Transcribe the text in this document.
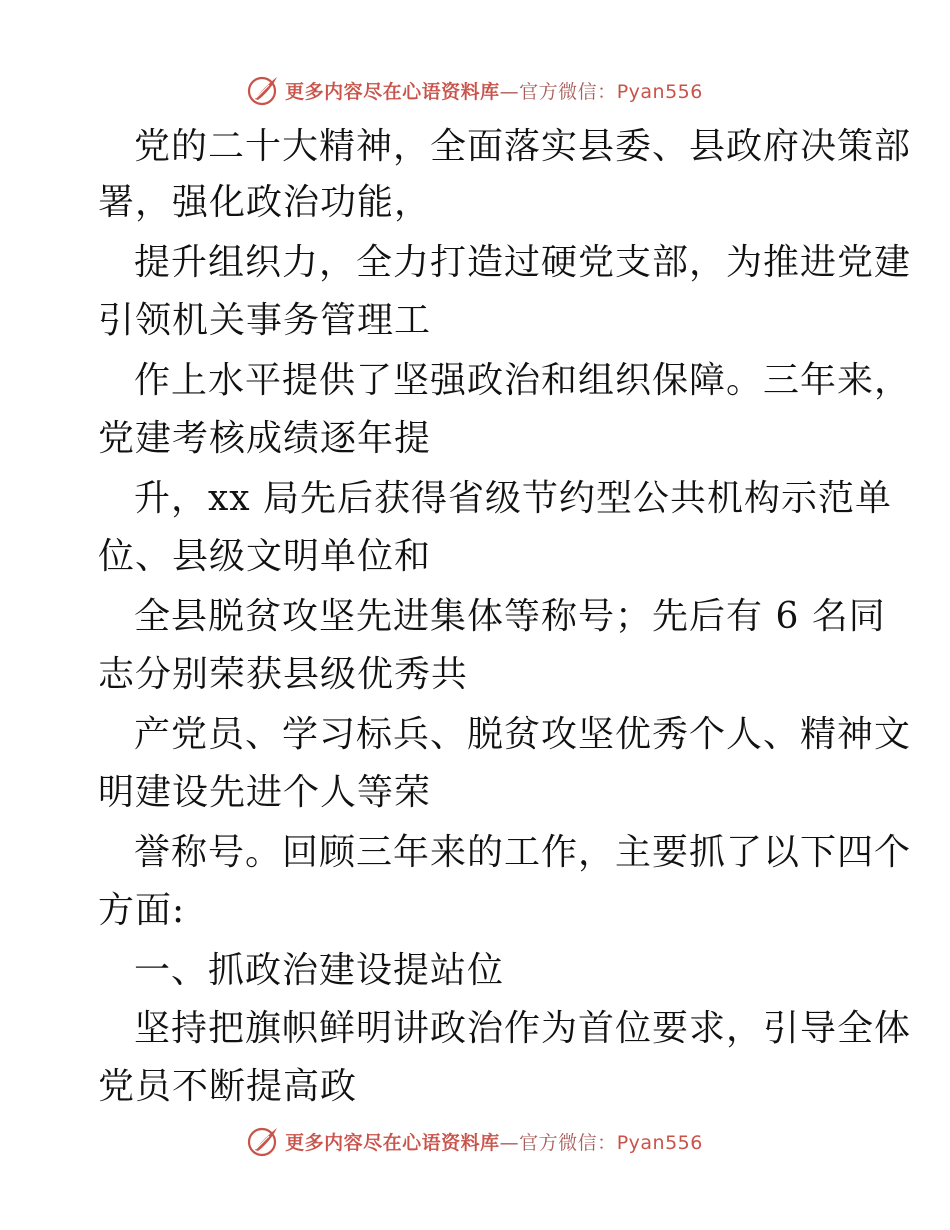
更多内容尽在心语资料库—官方微信：Pyan556
党的二十大精神，全面落实县委、县政府决策部
署，强化政治功能，
提升组织力，全力打造过硬党支部，为推进党建
引领机关事务管理工
作上水平提供了坚强政治和组织保障。三年来，
党建考核成绩逐年提
升，xx 局先后获得省级节约型公共机构示范单
位、县级文明单位和
全县脱贫攻坚先进集体等称号；先后有 6 名同
志分别荣获县级优秀共
产党员、学习标兵、脱贫攻坚优秀个人、精神文
明建设先进个人等荣
誉称号。回顾三年来的工作，主要抓了以下四个
方面:
一、抓政治建设提站位
坚持把旗帜鲜明讲政治作为首位要求，引导全体
党员不断提高政
更多内容尽在心语资料库—官方微信：Pyan556
